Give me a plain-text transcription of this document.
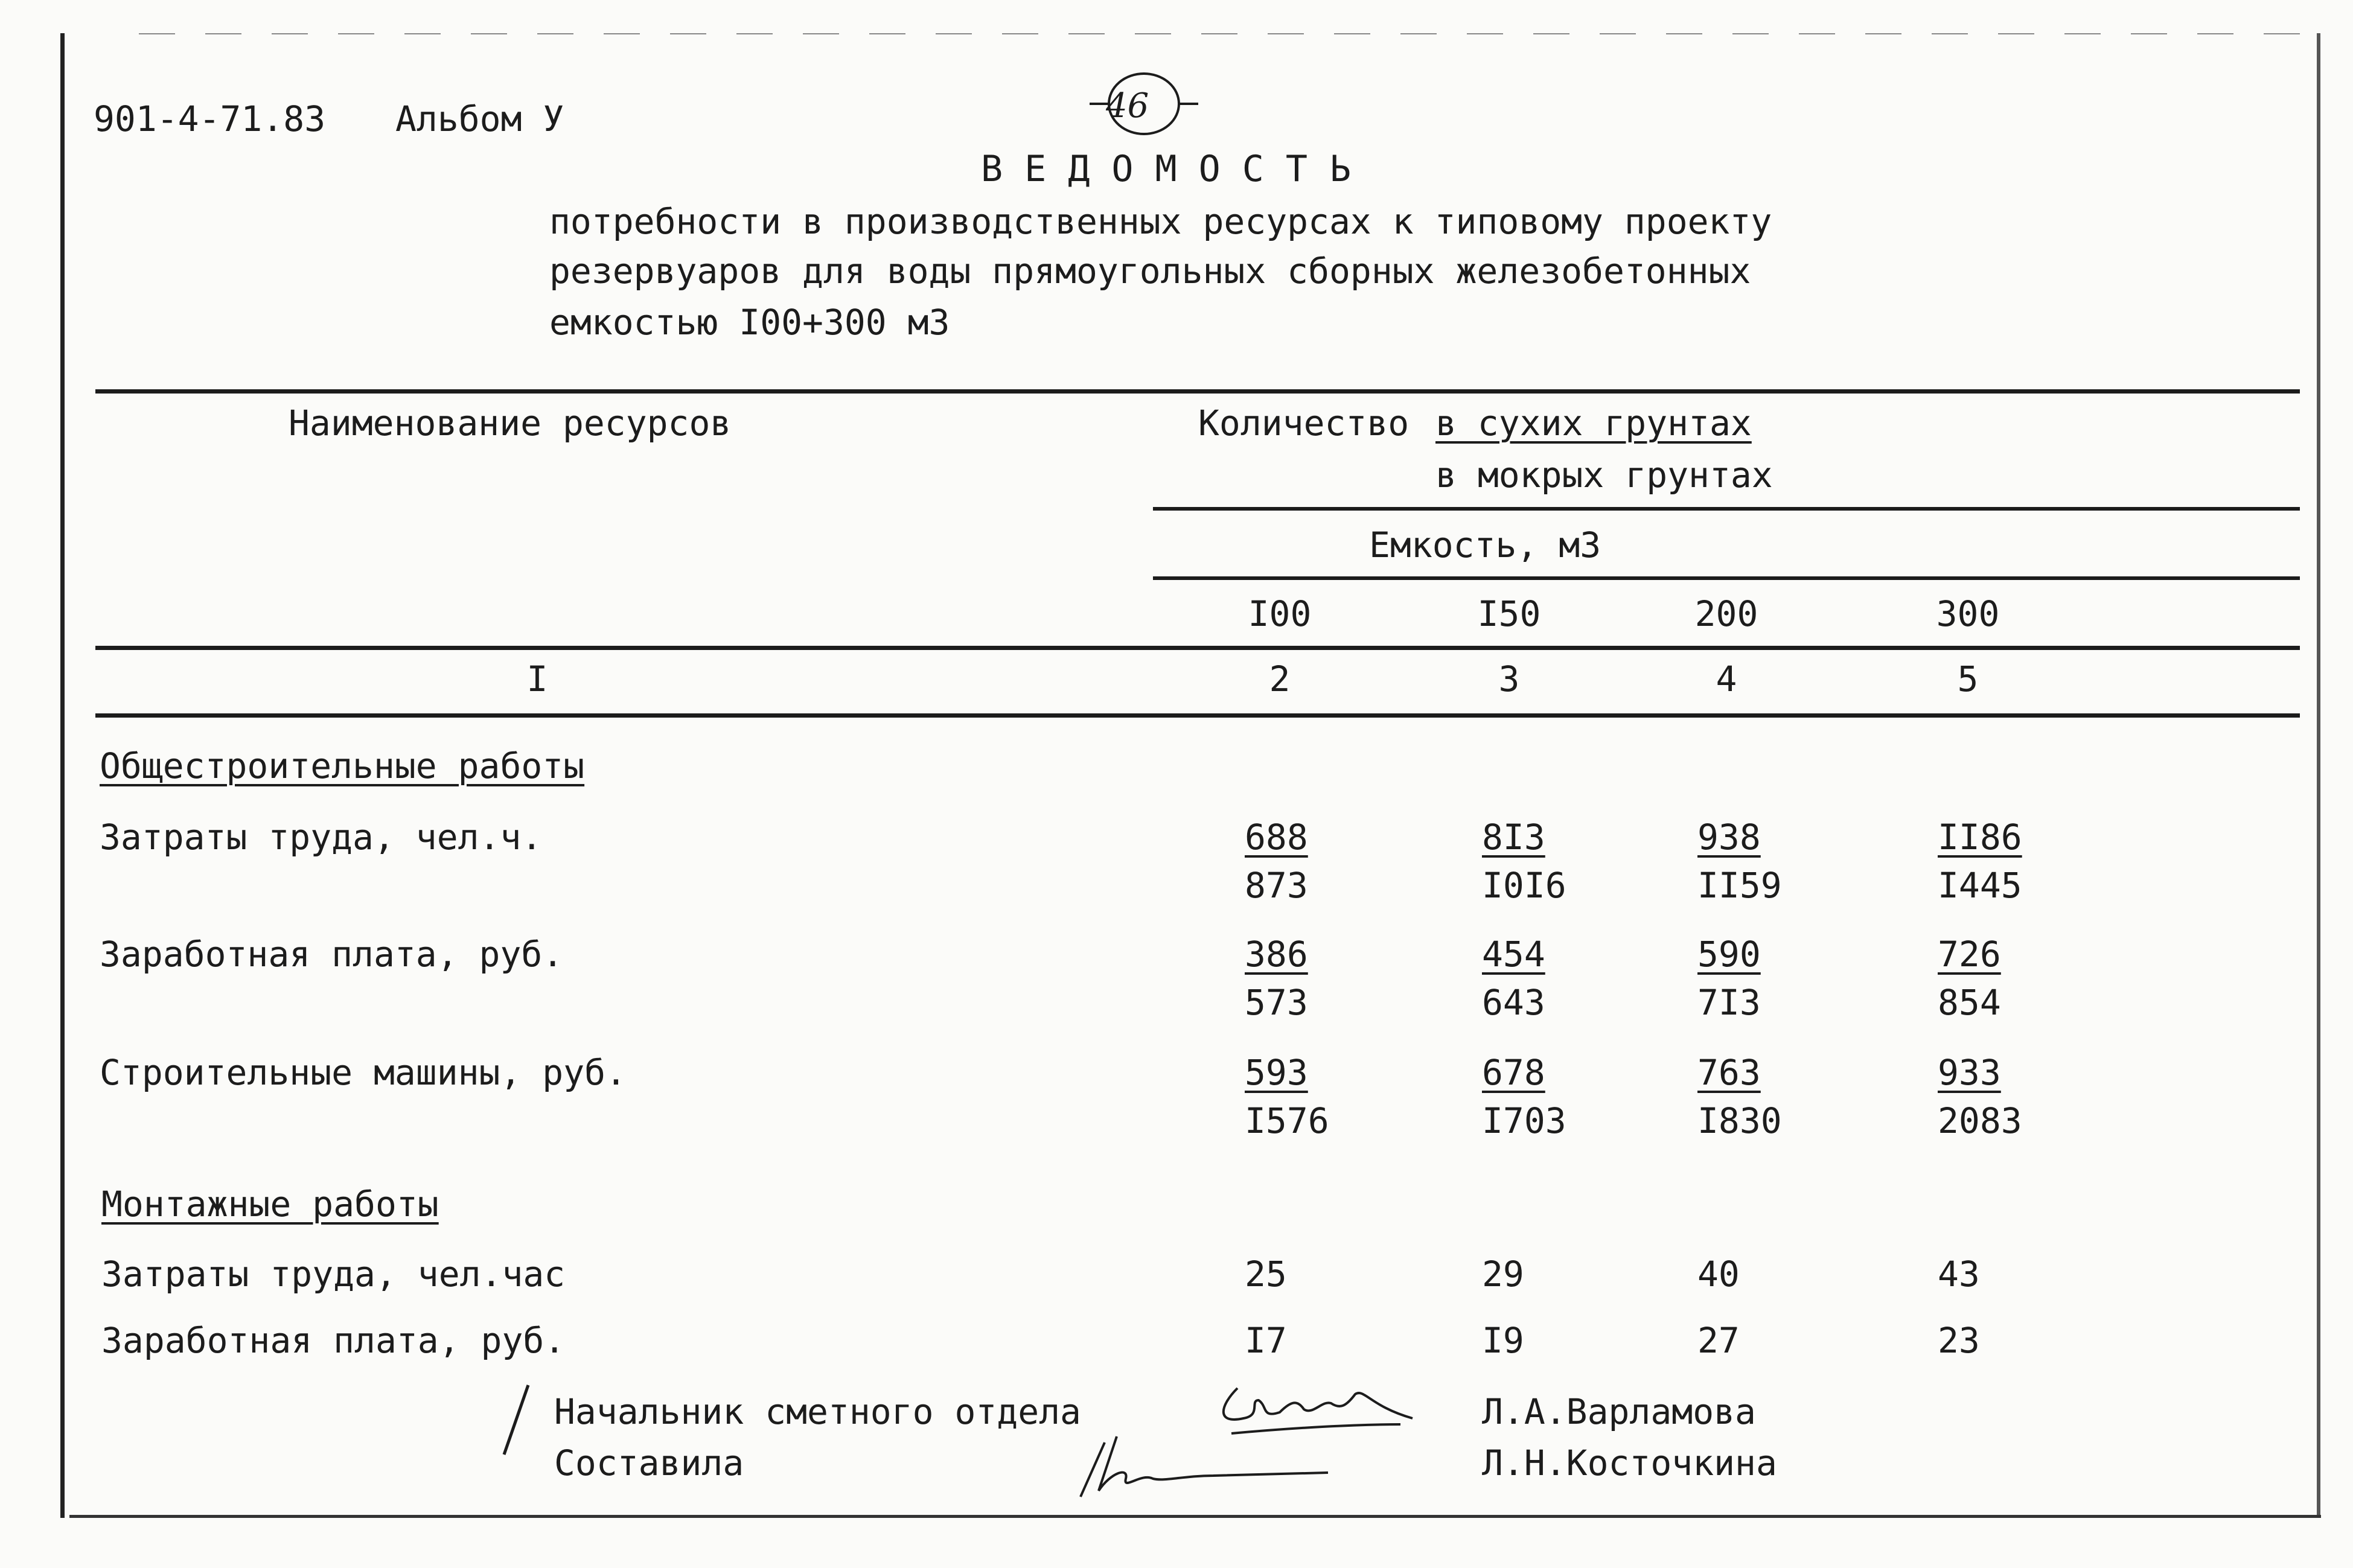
901-4-71.83 Альбом У	46
ВЕДОМОСТЬ
потребности в производственных ресурсах к типовому проекту
резервуаров для воды прямоугольных сборных железобетонных
емкостью I00+300 м3
Наименование ресурсов	Количество в сухих грунтах
в мокрых грунтах
Емкость, м3
I00	I50	200	300
I	2	3	4	5
Общестроительные работы
Затраты труда, чел.ч.	688	8I3	938	II86
873	I0I6	II59	I445
Заработная плата, руб.	386	454	590	726
573	643	7I3	854
Строительные машины, руб.	593	678	763	933
I576	I703	I830	2083
Монтажные работы
Затраты труда, чел.час	25	29	40	43
Заработная плата, руб.	I7	I9	27	23
Начальник сметного отдела	Л.А.Варламова
Составила	Л.Н.Косточкина
